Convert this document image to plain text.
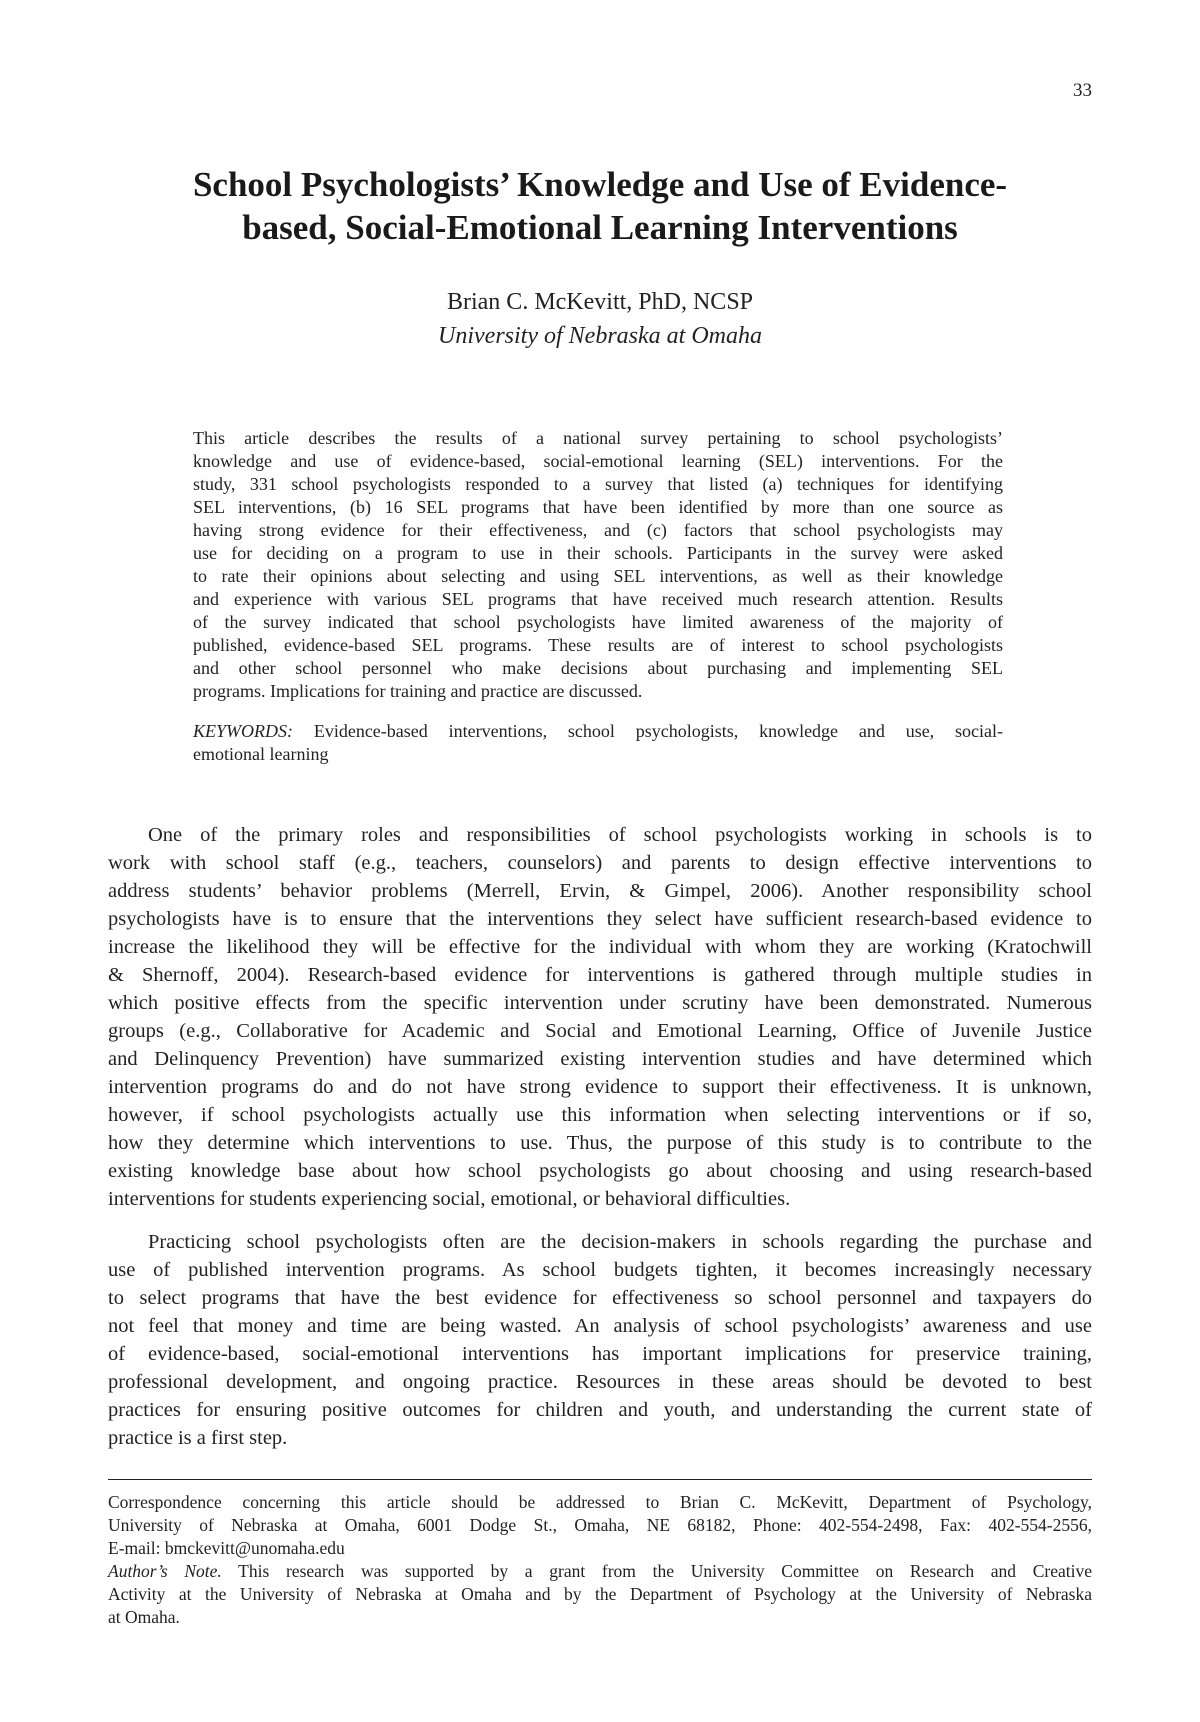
33
School Psychologists’ Knowledge and Use of Evidence-
based, Social-Emotional Learning Interventions
Brian C. McKevitt, PhD, NCSP
University of Nebraska at Omaha
This article describes the results of a national survey pertaining to school psychologists’
knowledge and use of evidence-based, social-emotional learning (SEL) interventions. For the
study, 331 school psychologists responded to a survey that listed (a) techniques for identifying
SEL interventions, (b) 16 SEL programs that have been identified by more than one source as
having strong evidence for their effectiveness, and (c) factors that school psychologists may
use for deciding on a program to use in their schools. Participants in the survey were asked
to rate their opinions about selecting and using SEL interventions, as well as their knowledge
and experience with various SEL programs that have received much research attention. Results
of the survey indicated that school psychologists have limited awareness of the majority of
published, evidence-based SEL programs. These results are of interest to school psychologists
and other school personnel who make decisions about purchasing and implementing SEL
programs. Implications for training and practice are discussed.
KEYWORDS: Evidence-based interventions, school psychologists, knowledge and use, social-
emotional learning
One of the primary roles and responsibilities of school psychologists working in schools is to
work with school staff (e.g., teachers, counselors) and parents to design effective interventions to
address students’ behavior problems (Merrell, Ervin, & Gimpel, 2006). Another responsibility school
psychologists have is to ensure that the interventions they select have sufficient research-based evidence to
increase the likelihood they will be effective for the individual with whom they are working (Kratochwill
& Shernoff, 2004). Research-based evidence for interventions is gathered through multiple studies in
which positive effects from the specific intervention under scrutiny have been demonstrated. Numerous
groups (e.g., Collaborative for Academic and Social and Emotional Learning, Office of Juvenile Justice
and Delinquency Prevention) have summarized existing intervention studies and have determined which
intervention programs do and do not have strong evidence to support their effectiveness. It is unknown,
however, if school psychologists actually use this information when selecting interventions or if so,
how they determine which interventions to use. Thus, the purpose of this study is to contribute to the
existing knowledge base about how school psychologists go about choosing and using research-based
interventions for students experiencing social, emotional, or behavioral difficulties.
Practicing school psychologists often are the decision-makers in schools regarding the purchase and
use of published intervention programs. As school budgets tighten, it becomes increasingly necessary
to select programs that have the best evidence for effectiveness so school personnel and taxpayers do
not feel that money and time are being wasted. An analysis of school psychologists’ awareness and use
of evidence-based, social-emotional interventions has important implications for preservice training,
professional development, and ongoing practice. Resources in these areas should be devoted to best
practices for ensuring positive outcomes for children and youth, and understanding the current state of
practice is a first step.
Correspondence concerning this article should be addressed to Brian C. McKevitt, Department of Psychology,
University of Nebraska at Omaha, 6001 Dodge St., Omaha, NE 68182, Phone: 402-554-2498, Fax: 402-554-2556,
E-mail: bmckevitt@unomaha.edu
Author’s Note. This research was supported by a grant from the University Committee on Research and Creative
Activity at the University of Nebraska at Omaha and by the Department of Psychology at the University of Nebraska
at Omaha.
